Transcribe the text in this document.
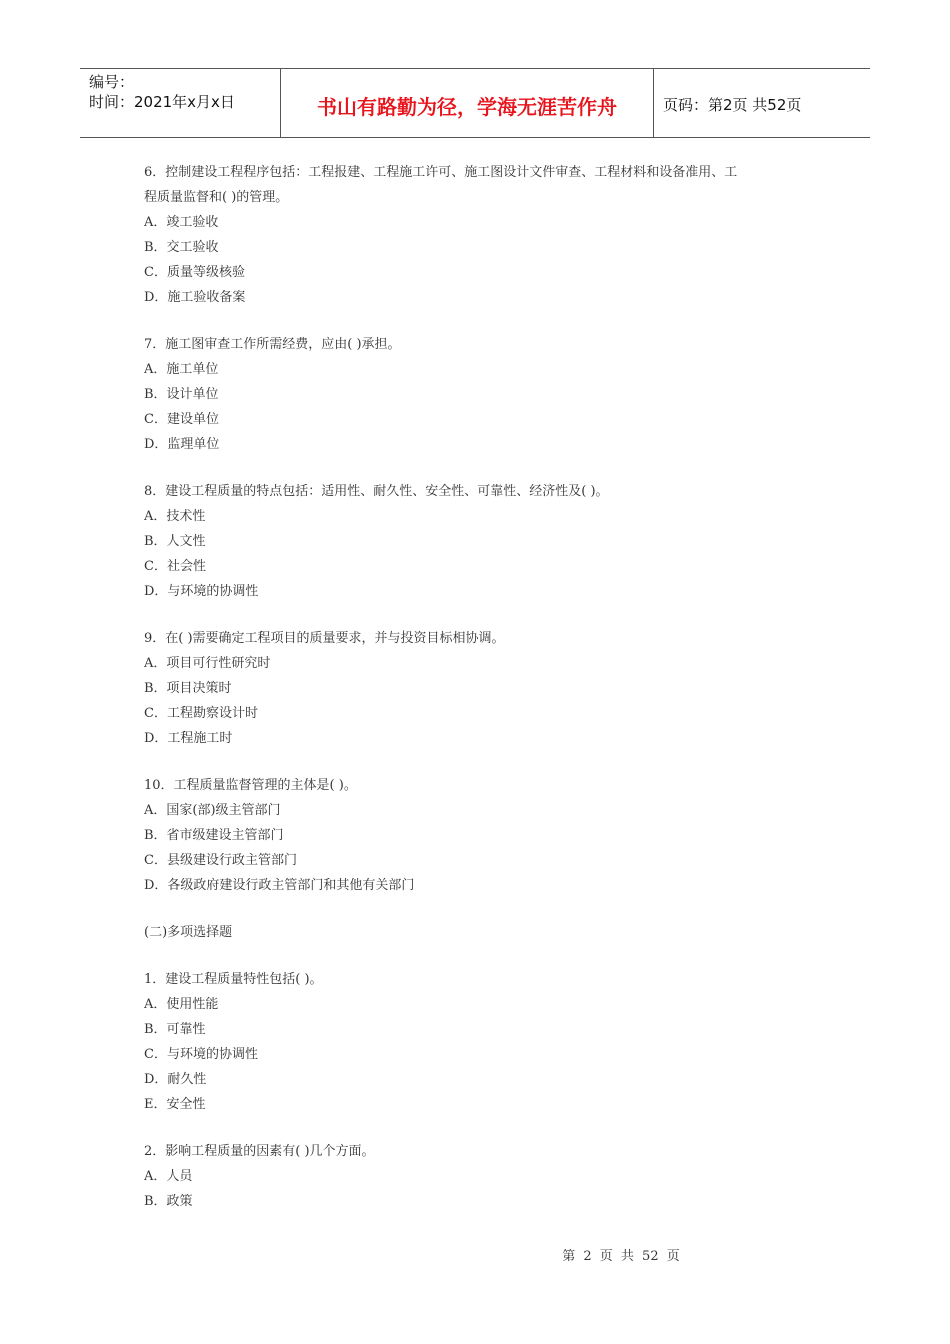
编号：
时间：2021年x月x日	书山有路勤为径，学海无涯苦作舟	页码：第2页 共52页
6．控制建设工程程序包括：工程报建、工程施工许可、施工图设计文件审查、工程材料和设备准用、工
程质量监督和( )的管理。
A．竣工验收
B．交工验收
C．质量等级核验
D．施工验收备案
7．施工图审查工作所需经费，应由( )承担。
A．施工单位
B．设计单位
C．建设单位
D．监理单位
8．建设工程质量的特点包括：适用性、耐久性、安全性、可靠性、经济性及( )。
A．技术性
B．人文性
C．社会性
D．与环境的协调性
9．在( )需要确定工程项目的质量要求，并与投资目标相协调。
A．项目可行性研究时
B．项目决策时
C．工程勘察设计时
D．工程施工时
10．工程质量监督管理的主体是( )。
A．国家(部)级主管部门
B．省市级建设主管部门
C．县级建设行政主管部门
D．各级政府建设行政主管部门和其他有关部门
(二)多项选择题
1．建设工程质量特性包括( )。
A．使用性能
B．可靠性
C．与环境的协调性
D．耐久性
E．安全性
2．影响工程质量的因素有( )几个方面。
A．人员
B．政策
第 2 页 共 52 页
